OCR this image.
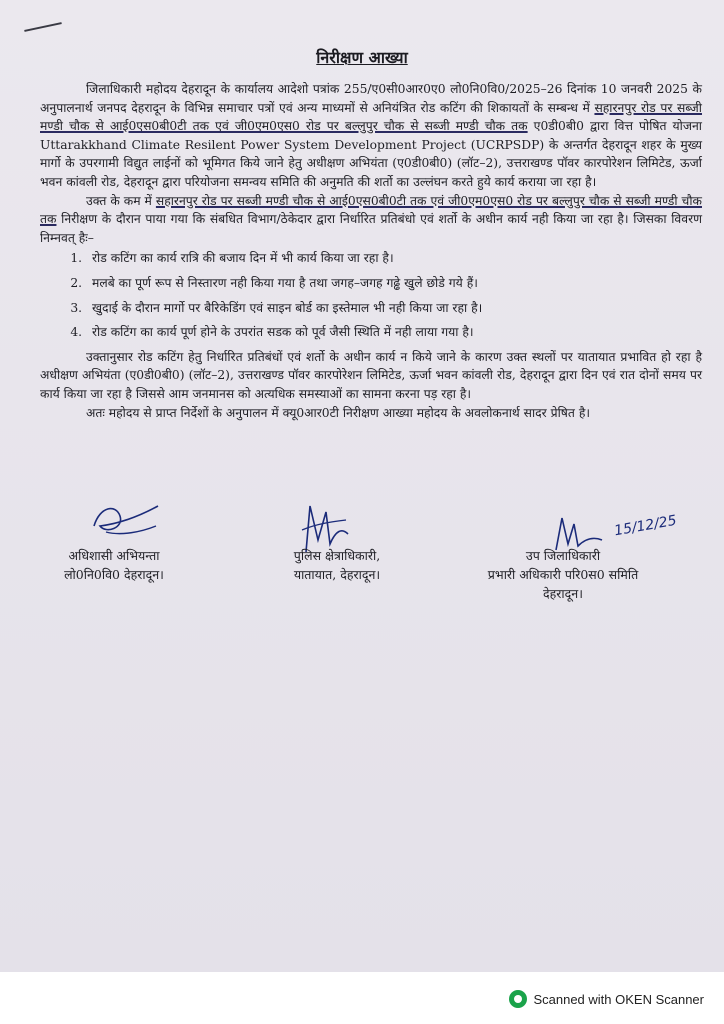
निरीक्षण आख्या

जिलाधिकारी महोदय देहरादून के कार्यालय आदेशो पत्रांक 255/ए0सी0आर0ए0 लो0नि0वि0/2025–26 दिनांक 10 जनवरी 2025 के अनुपालनार्थ जनपद देहरादून के विभिन्न समाचार पत्रों एवं अन्य माध्यमों से अनियंत्रित रोड कटिंग की शिकायतों के सम्बन्ध में सहारनपुर रोड पर सब्जी मण्डी चौक से आई0एस0बी0टी तक एवं जी0एम0एस0 रोड पर बल्लुपुर चौक से सब्जी मण्डी चौक तक ए0डी0बी0 द्वारा वित्त पोषित योजना Uttarakkhand Climate Resilent Power System Development Project (UCRPSDP) के अन्तर्गत देहरादून शहर के मुख्य मार्गो के उपरगामी विद्युत लाईनों को भूमिगत किये जाने हेतु अधीक्षण अभियंता (ए0डी0बी0) (लॉट–2), उत्तराखण्ड पॉवर कारपोरेशन लिमिटेड, ऊर्जा भवन कांवली रोड, देहरादून द्वारा परियोजना समन्वय समिति की अनुमति की शर्तो का उल्लंघन करते हुये कार्य कराया जा रहा है।

उक्त के कम में सहारनपुर रोड पर सब्जी मण्डी चौक से आई0एस0बी0टी तक एवं जी0एम0एस0 रोड पर बल्लुपुर चौक से सब्जी मण्डी चौक तक निरीक्षण के दौरान पाया गया कि संबधित विभाग/ठेकेदार द्वारा निर्धारित प्रतिबंधो एवं शर्तो के अधीन कार्य नही किया जा रहा है। जिसका विवरण निम्नवत् हैः–

1. रोड कटिंग का कार्य रात्रि की बजाय दिन में भी कार्य किया जा रहा है।
2. मलबे का पूर्ण रूप से निस्तारण नही किया गया है तथा जगह–जगह गढ्ढे खुले छोडे गये हैं।
3. खुदाई के दौरान मार्गो पर बैरिकेडिंग एवं साइन बोर्ड का इस्तेमाल भी नही किया जा रहा है।
4. रोड कटिंग का कार्य पूर्ण होने के उपरांत सडक को पूर्व जैसी स्थिति में नही लाया गया है।

उक्तानुसार रोड कटिंग हेतु निर्धारित प्रतिबंधों एवं शर्तो के अधीन कार्य न किये जाने के कारण उक्त स्थलों पर यातायात प्रभावित हो रहा है अधीक्षण अभियंता (ए0डी0बी0) (लॉट–2), उत्तराखण्ड पॉवर कारपोरेशन लिमिटेड, ऊर्जा भवन कांवली रोड, देहरादून द्वारा दिन एवं रात दोनों समय पर कार्य किया जा रहा है जिससे आम जनमानस को अत्यधिक समस्याओं का सामना करना पड़ रहा है।

अतः महोदय से प्राप्त निर्देशों के अनुपालन में क्यू0आर0टी निरीक्षण आख्या महोदय के अवलोकनार्थ सादर प्रेषित है।

15/12/25
अधिशासी अभियन्ता
लो0नि0वि0 देहरादून।
पुलिस क्षेत्राधिकारी,
यातायात, देहरादून।
उप जिलाधिकारी
प्रभारी अधिकारी परि0स0 समिति
देहरादून।
Scanned with OKEN Scanner
